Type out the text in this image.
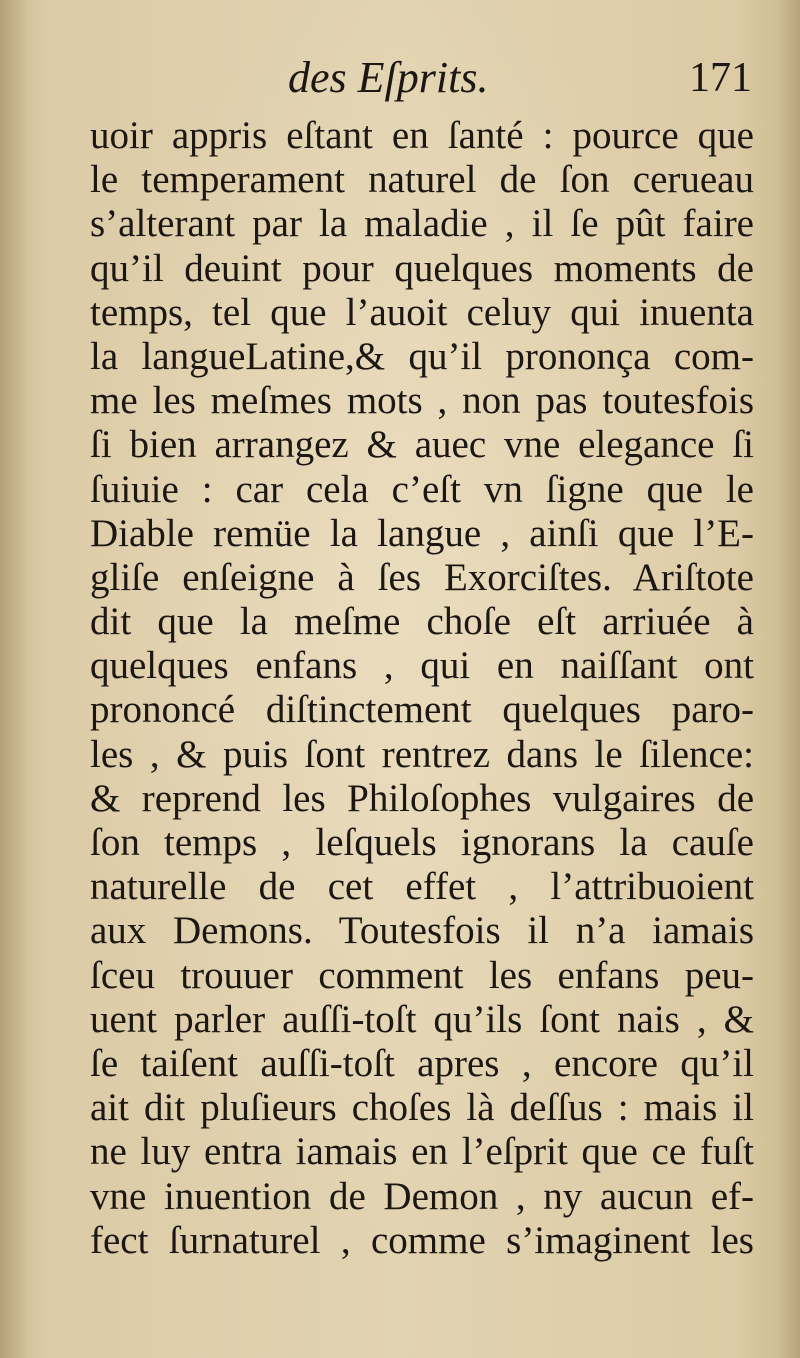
des Eſprits.	171
uoir appris eſtant en ſanté : pource que
le temperament naturel de ſon cerueau
s’alterant par la maladie , il ſe pût faire
qu’il deuint pour quelques moments de
temps, tel que l’auoit celuy qui inuenta
la langueLatine,& qu’il prononça com-
me les meſmes mots , non pas toutesfois
ſi bien arrangez & auec vne elegance ſi
ſuiuie : car cela c’eſt vn ſigne que le
Diable remüe la langue , ainſi que l’E-
gliſe enſeigne à ſes Exorciſtes. Ariſtote
dit que la meſme choſe eſt arriuée à
quelques enfans , qui en naiſſant ont
prononcé diſtinctement quelques paro-
les , & puis ſont rentrez dans le ſilence:
& reprend les Philoſophes vulgaires de
ſon temps , leſquels ignorans la cauſe
naturelle de cet effet , l’attribuoient
aux Demons. Toutesfois il n’a iamais
ſceu trouuer comment les enfans peu-
uent parler auſſi-toſt qu’ils ſont nais , &
ſe taiſent auſſi-toſt apres , encore qu’il
ait dit pluſieurs choſes là deſſus : mais il
ne luy entra iamais en l’eſprit que ce fuſt
vne inuention de Demon , ny aucun ef-
fect ſurnaturel , comme s’imaginent les
